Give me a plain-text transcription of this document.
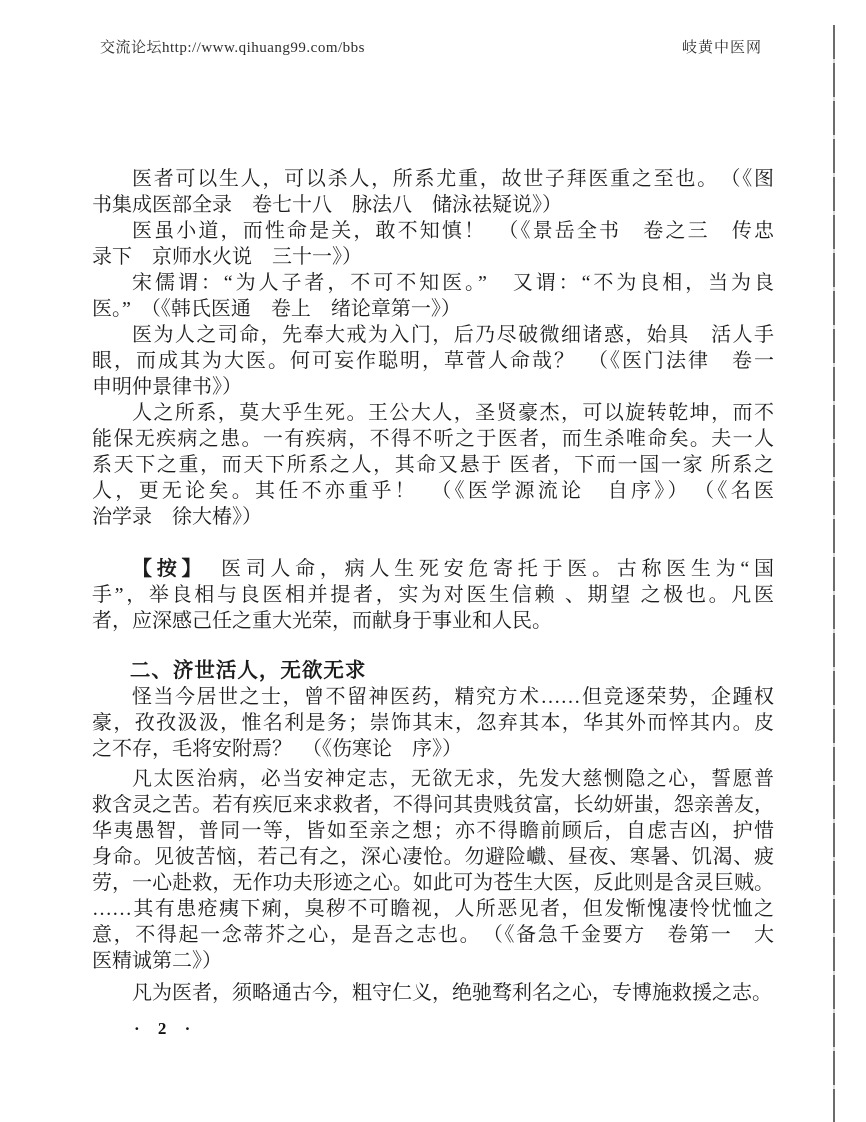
交流论坛http://www.qihuang99.com/bbs	岐黄中医网
医者可以生人，可以杀人，所系尤重，故世子拜医重之至也。　（《图
书集成医部全录　卷七十八　脉法八　储泳祛疑说》）
医虽小道，而性命是关，敢不知慎！　（《景岳全书　卷之三　传忠
录下　京师水火说　三十一》）
宋儒谓：“为人子者，不可不知医。”　又谓：“不为良相，当为良
医。”　（《韩氏医通　卷上　绪论章第一》）
医为人之司命，先奉大戒为入门，后乃尽破微细诸惑，始具　活人手
眼，而成其为大医。何可妄作聪明，草菅人命哉？　（《医门法律　卷一
申明仲景律书》）
人之所系，莫大乎生死。王公大人，圣贤豪杰，可以旋转乾坤，而不
能保无疾病之患。一有疾病，不得不听之于医者，而生杀唯命矣。夫一人
系天下之重，而天下所系之人，其命又悬于 医者，下而一国一家 所系之
人，更无论矣。其任不亦重乎！　（《医学源流论　自序》）　（《名医
治学录　徐大椿》）
【按】　医司人命，病人生死安危寄托于医。古称医生为“国
手”，举良相与良医相并提者，实为对医生信赖 、期望 之极也。凡医
者，应深感己任之重大光荣，而献身于事业和人民。
二、济世活人，无欲无求
怪当今居世之士，曾不留神医药，精究方术……但竞逐荣势，企踵权
豪，孜孜汲汲，惟名利是务；崇饰其末，忽弃其本，华其外而悴其内。皮
之不存，毛将安附焉？　（《伤寒论　序》）
凡太医治病，必当安神定志，无欲无求，先发大慈恻隐之心，誓愿普
救含灵之苦。若有疾厄来求救者，不得问其贵贱贫富，长幼妍蚩，怨亲善友，
华夷愚智，普同一等，皆如至亲之想；亦不得瞻前顾后，自虑吉凶，护惜
身命。见彼苦恼，若己有之，深心凄怆。勿避险巇、昼夜、寒暑、饥渴、疲
劳，一心赴救，无作功夫形迹之心。如此可为苍生大医，反此则是含灵巨贼。
……其有患疮痍下痢，臭秽不可瞻视，人所恶见者，但发惭愧凄怜忧恤之
意，不得起一念蒂芥之心，是吾之志也。　（《备急千金要方　卷第一　大
医精诚第二》）
凡为医者，须略通古今，粗守仁义，绝驰骛利名之心，专博施救援之志。
· 2 ·
